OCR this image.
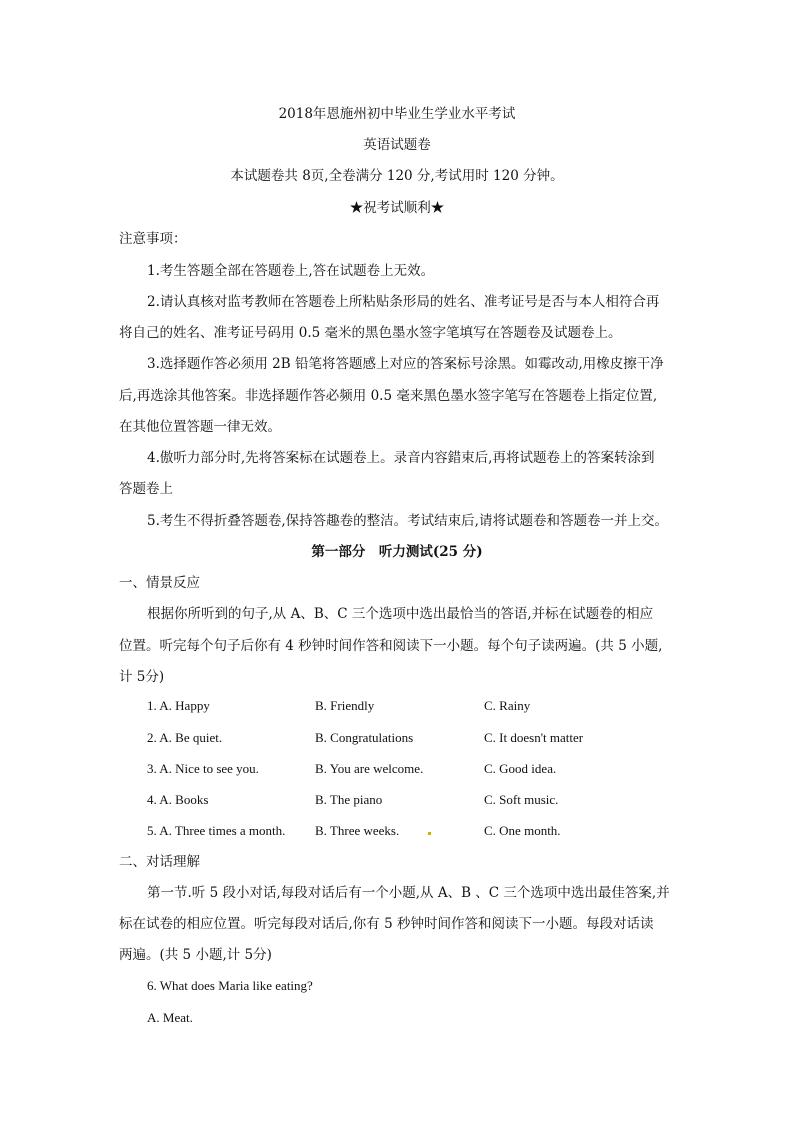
2018年恩施州初中毕业生学业水平考试
英语试题卷
本试题卷共 8页,全卷满分 120 分,考试用时 120 分钟。
★祝考试顺利★
注意事项：
1.考生答题全部在答题卷上,答在试题卷上无效。
2.请认真核对监考教师在答题卷上所粘贴条形局的姓名、准考证号是否与本人相符合再
将自己的姓名、准考证号码用 0.5 毫米的黑色墨水签字笔填写在答题卷及试题卷上。
3.选择题作答必须用 2B 铅笔将答题感上对应的答案标号涂黑。如霉改动,用橡皮擦干净
后,再选涂其他答案。非选择题作答必频用 0.5 毫来黑色墨水签字笔写在答题卷上指定位置,
在其他位置答题一律无效。
4.傲听力部分时,先将答案标在试题卷上。录音内容錯束后,再将试题卷上的答案转涂到
答题卷上
5.考生不得折叠答题卷,保持答趣卷的整洁。考试结束后,请将试题卷和答题卷一并上交。
第一部分　听力测试(25 分)
一、情景反应
根据你所听到的句子,从 A、B、C 三个选项中选出最恰当的答语,并标在试题卷的相应
位置。听完每个句子后你有 4 秒钟时间作答和阅读下一小题。每个句子读两遍。(共 5 小题,
计 5分)
1. A. Happy	B. Friendly	C. Rainy
2. A. Be quiet.	B. Congratulations	C. It doesn't matter
3. A. Nice to see you.	B. You are welcome.	C. Good idea.
4. A. Books	B. The piano	C. Soft music.
5. A. Three times a month. B. Three weeks.	C. One month.
二、对话理解
第一节.听 5 段小对话,每段对话后有一个小题,从 A、B 、C 三个选项中选出最佳答案,并
标在试卷的相应位置。听完每段对话后,你有 5 秒钟时间作答和阅读下一小题。每段对话读
两遍。(共 5 小题,计 5分)
6. What does Maria like eating?
A. Meat.
